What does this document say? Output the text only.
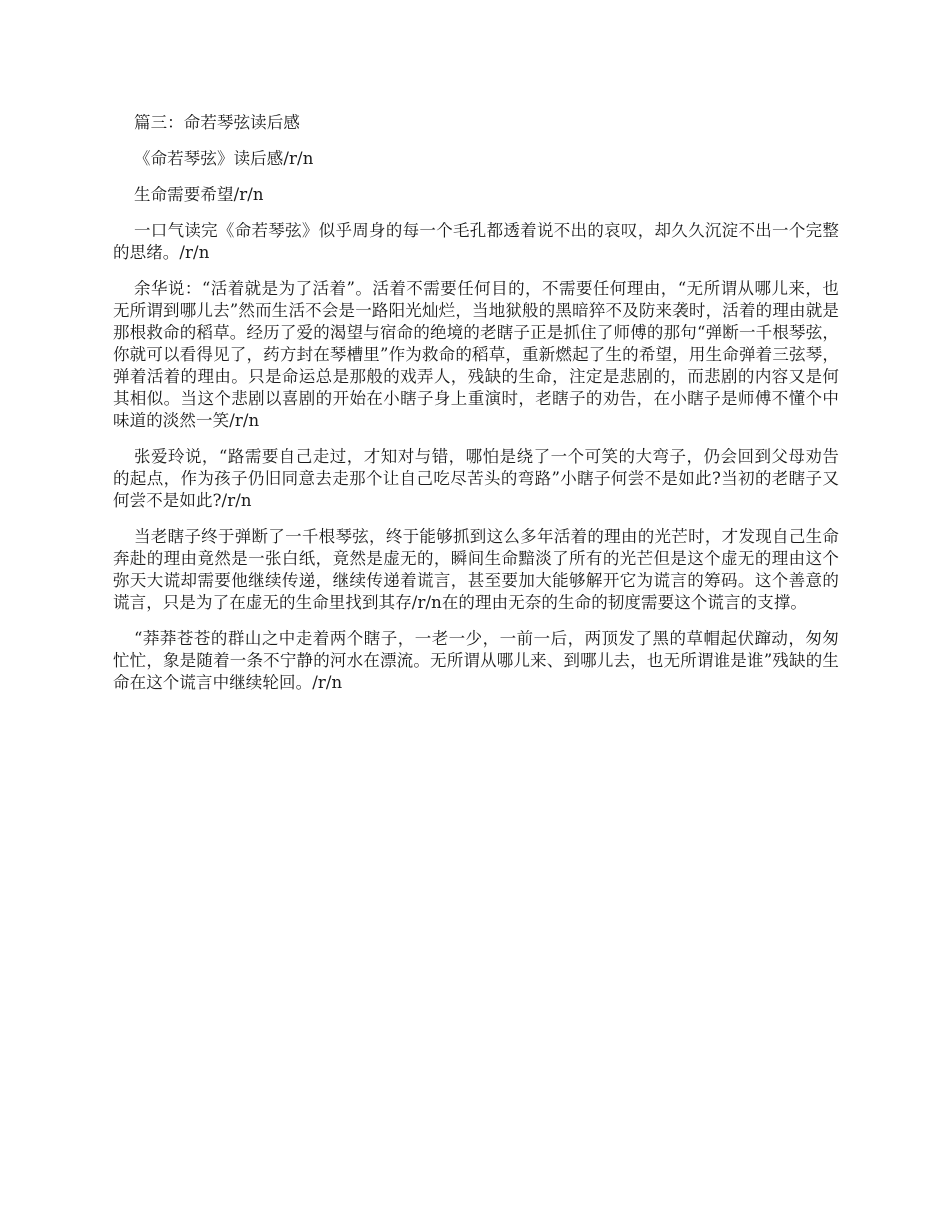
篇三：命若琴弦读后感

《命若琴弦》读后感/r/n

生命需要希望/r/n

一口气读完《命若琴弦》似乎周身的每一个毛孔都透着说不出的哀叹，却久久沉淀不出一个完整的思绪。/r/n

余华说：“活着就是为了活着”。活着不需要任何目的，不需要任何理由，“无所谓从哪儿来，也无所谓到哪儿去”然而生活不会是一路阳光灿烂，当地狱般的黑暗猝不及防来袭时，活着的理由就是那根救命的稻草。经历了爱的渴望与宿命的绝境的老瞎子正是抓住了师傅的那句“弹断一千根琴弦，你就可以看得见了，药方封在琴槽里”作为救命的稻草，重新燃起了生的希望，用生命弹着三弦琴，弹着活着的理由。只是命运总是那般的戏弄人，残缺的生命，注定是悲剧的，而悲剧的内容又是何其相似。当这个悲剧以喜剧的开始在小瞎子身上重演时，老瞎子的劝告，在小瞎子是师傅不懂个中味道的淡然一笑/r/n

张爱玲说，“路需要自己走过，才知对与错，哪怕是绕了一个可笑的大弯子，仍会回到父母劝告的起点，作为孩子仍旧同意去走那个让自己吃尽苦头的弯路”小瞎子何尝不是如此?当初的老瞎子又何尝不是如此?/r/n

当老瞎子终于弹断了一千根琴弦，终于能够抓到这么多年活着的理由的光芒时，才发现自己生命奔赴的理由竟然是一张白纸，竟然是虚无的，瞬间生命黯淡了所有的光芒但是这个虚无的理由这个弥天大谎却需要他继续传递，继续传递着谎言，甚至要加大能够解开它为谎言的筹码。这个善意的谎言，只是为了在虚无的生命里找到其存/r/n在的理由无奈的生命的韧度需要这个谎言的支撑。

“莽莽苍苍的群山之中走着两个瞎子，一老一少，一前一后，两顶发了黑的草帽起伏蹿动，匆匆忙忙，象是随着一条不宁静的河水在漂流。无所谓从哪儿来、到哪儿去，也无所谓谁是谁”残缺的生命在这个谎言中继续轮回。/r/n
